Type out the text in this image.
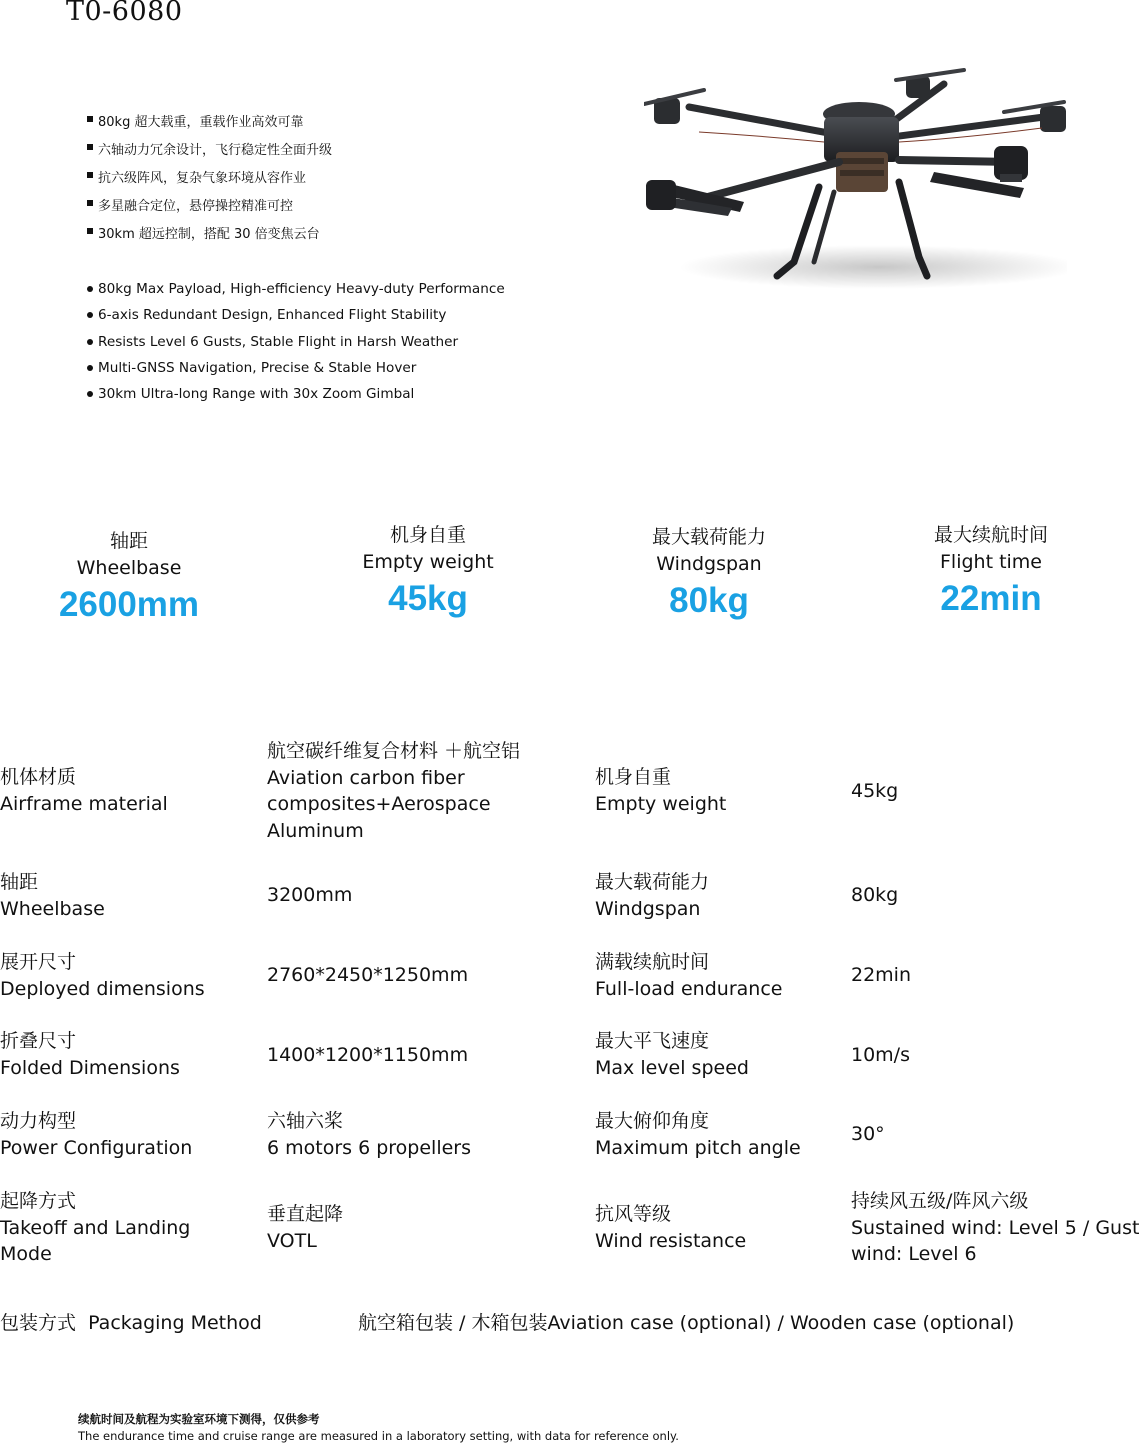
T0-6080
80kg 超大载重，重载作业高效可靠
六轴动力冗余设计，飞行稳定性全面升级
抗六级阵风，复杂气象环境从容作业
多星融合定位，悬停操控精准可控
30km 超远控制，搭配 30 倍变焦云台
80kg Max Payload, High-efficiency Heavy-duty Performance
6-axis Redundant Design, Enhanced Flight Stability
Resists Level 6 Gusts, Stable Flight in Harsh Weather
Multi-GNSS Navigation, Precise & Stable Hover
30km Ultra-long Range with 30x Zoom Gimbal
轴距
Wheelbase
2600mm
机身自重
Empty weight
45kg
最大载荷能力
Windgspan
80kg
最大续航时间
Flight time
22min
机体材质
Airframe material
航空碳纤维复合材料 ＋航空铝
Aviation carbon fiber
composites+Aerospace
Aluminum
机身自重
Empty weight
45kg
轴距
Wheelbase
3200mm
最大载荷能力
Windgspan
80kg
展开尺寸
Deployed dimensions
2760*2450*1250mm
满载续航时间
Full-load endurance
22min
折叠尺寸
Folded Dimensions
1400*1200*1150mm
最大平飞速度
Max level speed
10m/s
动力构型
Power Configuration
六轴六桨
6 motors 6 propellers
最大俯仰角度
Maximum pitch angle
30°
起降方式
Takeoff and Landing
Mode
垂直起降
VOTL
抗风等级
Wind resistance
持续风五级/阵风六级
Sustained wind: Level 5 / Gust
wind: Level 6
包装方式  Packaging Method	航空箱包装 / 木箱包装Aviation case (optional) / Wooden case (optional)
续航时间及航程为实验室环境下测得，仅供参考
The endurance time and cruise range are measured in a laboratory setting, with data for reference only.
